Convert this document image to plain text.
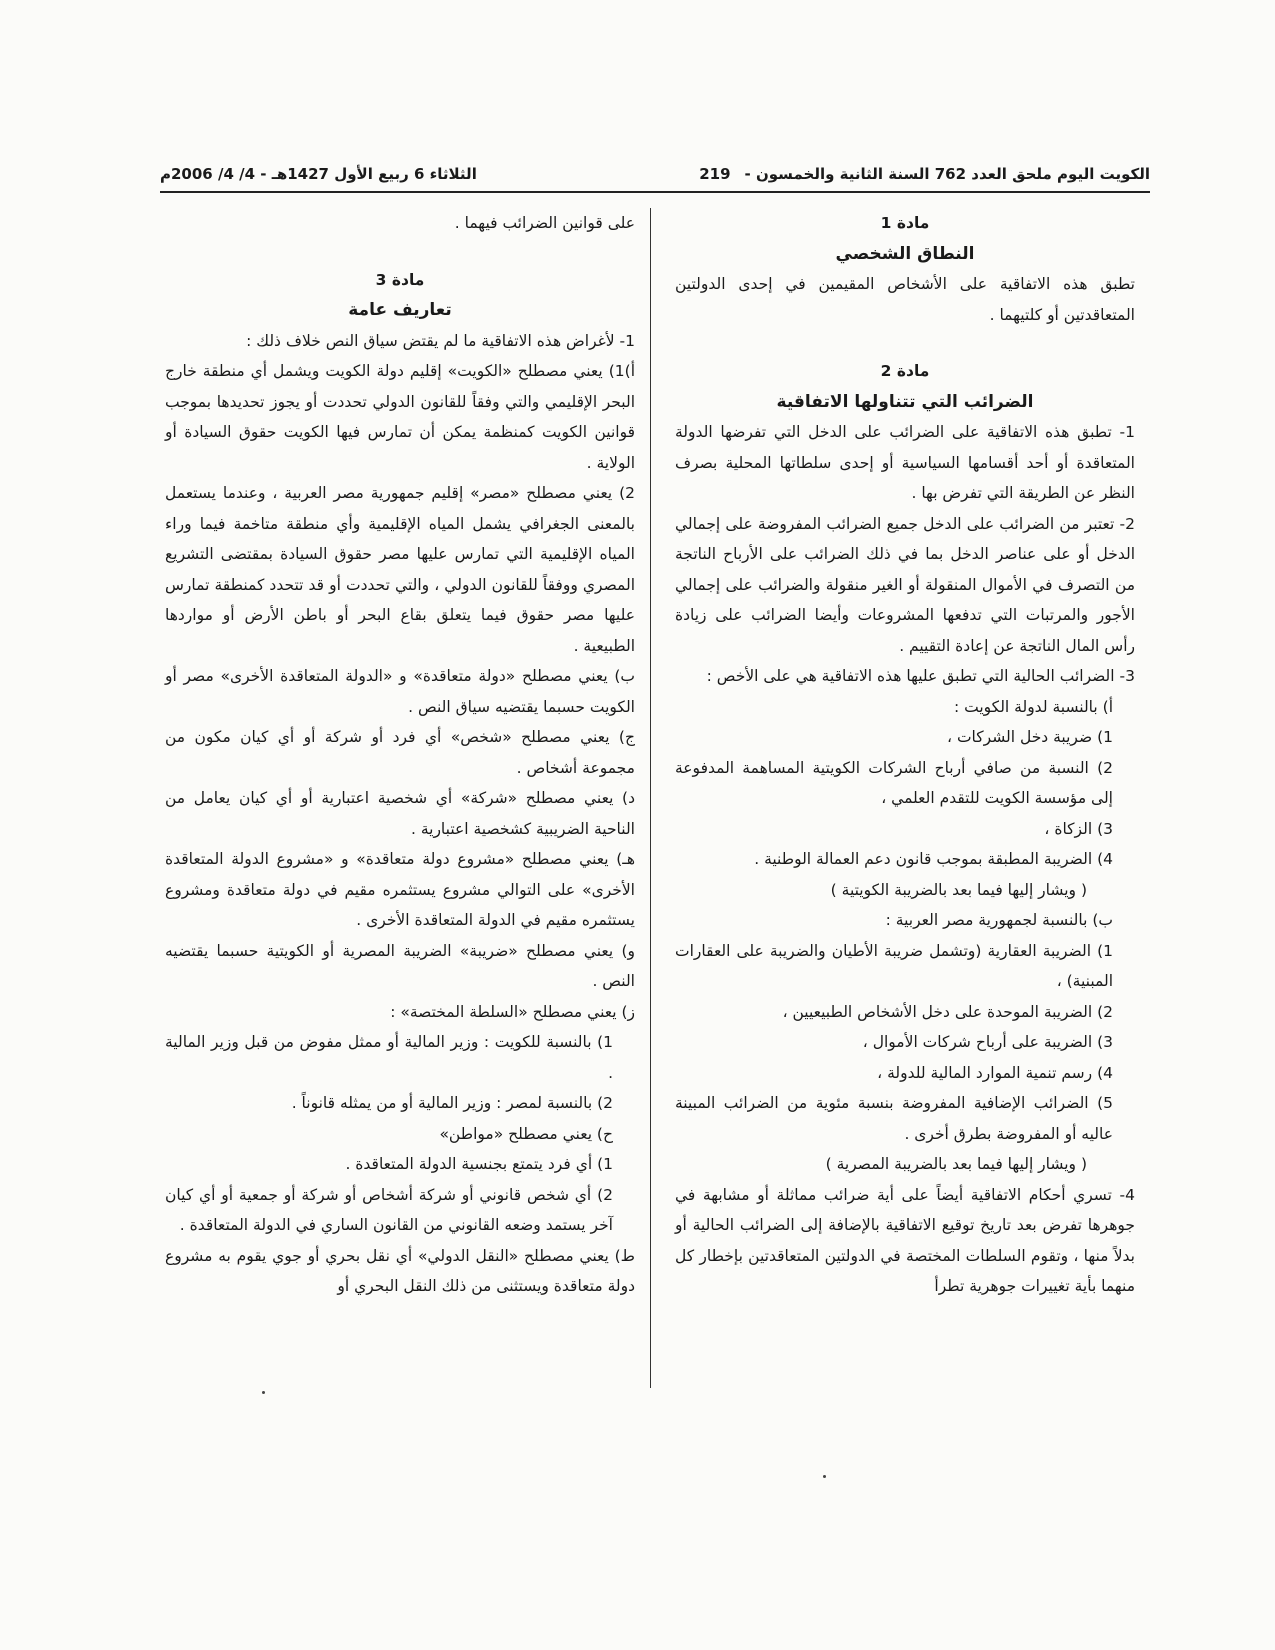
الكويت اليوم ملحق العدد 762 السنة الثانية والخمسون -219
الثلاثاء 6 ربيع الأول 1427هـ - 4/ 4/ 2006م

مادة 1

النطاق الشخصي

تطبق هذه الاتفاقية على الأشخاص المقيمين في إحدى الدولتين المتعاقدتين أو كلتيهما .

مادة 2

الضرائب التي تتناولها الاتفاقية

1- تطبق هذه الاتفاقية على الضرائب على الدخل التي تفرضها الدولة المتعاقدة أو أحد أقسامها السياسية أو إحدى سلطاتها المحلية بصرف النظر عن الطريقة التي تفرض بها .

2- تعتبر من الضرائب على الدخل جميع الضرائب المفروضة على إجمالي الدخل أو على عناصر الدخل بما في ذلك الضرائب على الأرباح الناتجة من التصرف في الأموال المنقولة أو الغير منقولة والضرائب على إجمالي الأجور والمرتبات التي تدفعها المشروعات وأيضا الضرائب على زيادة رأس المال الناتجة عن إعادة التقييم .

3- الضرائب الحالية التي تطبق عليها هذه الاتفاقية هي على الأخص :

أ) بالنسبة لدولة الكويت :

1) ضريبة دخل الشركات ،

2) النسبة من صافي أرباح الشركات الكويتية المساهمة المدفوعة إلى مؤسسة الكويت للتقدم العلمي ،

3) الزكاة ،

4) الضريبة المطبقة بموجب قانون دعم العمالة الوطنية .

( ويشار إليها فيما بعد بالضريبة الكويتية )

ب) بالنسبة لجمهورية مصر العربية :

1) الضريبة العقارية (وتشمل ضريبة الأطيان والضريبة على العقارات المبنية) ،

2) الضريبة الموحدة على دخل الأشخاص الطبيعيين ،

3) الضريبة على أرباح شركات الأموال ،

4) رسم تنمية الموارد المالية للدولة ،

5) الضرائب الإضافية المفروضة بنسبة مئوية من الضرائب المبينة عاليه أو المفروضة بطرق أخرى .

( ويشار إليها فيما بعد بالضريبة المصرية )

4- تسري أحكام الاتفاقية أيضاً على أية ضرائب مماثلة أو مشابهة في جوهرها تفرض بعد تاريخ توقيع الاتفاقية بالإضافة إلى الضرائب الحالية أو بدلاً منها ، وتقوم السلطات المختصة في الدولتين المتعاقدتين بإخطار كل منهما بأية تغييرات جوهرية تطرأ

على قوانين الضرائب فيهما .

مادة 3

تعاريف عامة

1- لأغراض هذه الاتفاقية ما لم يقتض سياق النص خلاف ذلك :

أ)1) يعني مصطلح «الكويت» إقليم دولة الكويت ويشمل أي منطقة خارج البحر الإقليمي والتي وفقاً للقانون الدولي تحددت أو يجوز تحديدها بموجب قوانين الكويت كمنظمة يمكن أن تمارس فيها الكويت حقوق السيادة أو الولاية .

2) يعني مصطلح «مصر» إقليم جمهورية مصر العربية ، وعندما يستعمل بالمعنى الجغرافي يشمل المياه الإقليمية وأي منطقة متاخمة فيما وراء المياه الإقليمية التي تمارس عليها مصر حقوق السيادة بمقتضى التشريع المصري ووفقاً للقانون الدولي ، والتي تحددت أو قد تتحدد كمنطقة تمارس عليها مصر حقوق فيما يتعلق بقاع البحر أو باطن الأرض أو مواردها الطبيعية .

ب) يعني مصطلح «دولة متعاقدة» و «الدولة المتعاقدة الأخرى» مصر أو الكويت حسبما يقتضيه سياق النص .

ج) يعني مصطلح «شخص» أي فرد أو شركة أو أي كيان مكون من مجموعة أشخاص .

د) يعني مصطلح «شركة» أي شخصية اعتبارية أو أي كيان يعامل من الناحية الضريبية كشخصية اعتبارية .

هـ) يعني مصطلح «مشروع دولة متعاقدة» و «مشروع الدولة المتعاقدة الأخرى» على التوالي مشروع يستثمره مقيم في دولة متعاقدة ومشروع يستثمره مقيم في الدولة المتعاقدة الأخرى .

و) يعني مصطلح «ضريبة» الضريبة المصرية أو الكويتية حسبما يقتضيه النص .

ز) يعني مصطلح «السلطة المختصة» :

1) بالنسبة للكويت : وزير المالية أو ممثل مفوض من قبل وزير المالية .

2) بالنسبة لمصر : وزير المالية أو من يمثله قانوناً .

ح) يعني مصطلح «مواطن»

1) أي فرد يتمتع بجنسية الدولة المتعاقدة .

2) أي شخص قانوني أو شركة أشخاص أو شركة أو جمعية أو أي كيان آخر يستمد وضعه القانوني من القانون الساري في الدولة المتعاقدة .

ط) يعني مصطلح «النقل الدولي» أي نقل بحري أو جوي يقوم به مشروع دولة متعاقدة ويستثنى من ذلك النقل البحري أو
